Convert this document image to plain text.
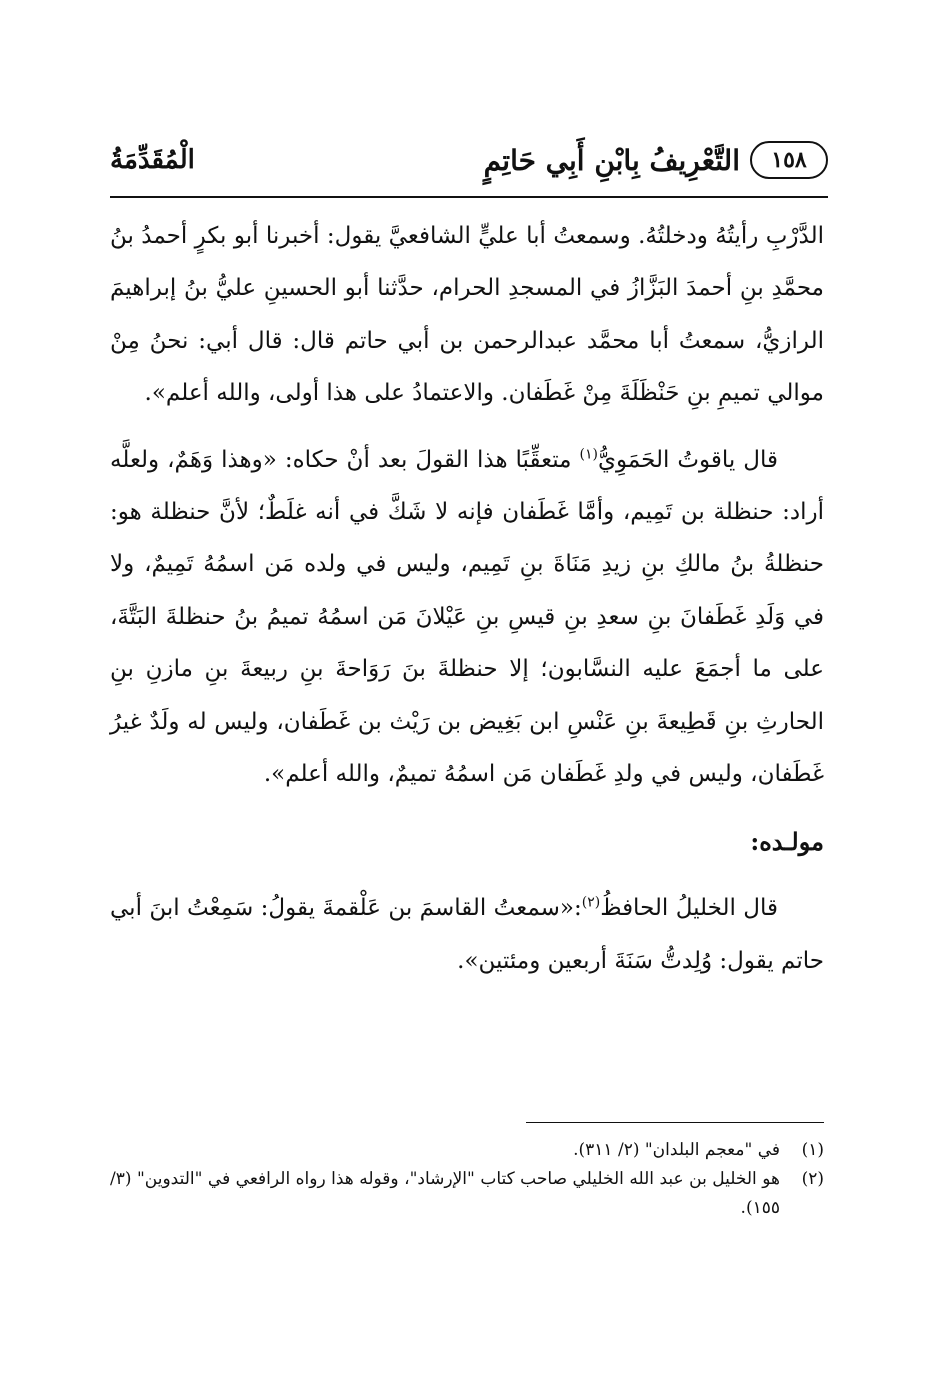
١٥٨
التَّعْرِيفُ بِابْنِ أَبِي حَاتِمٍ
الْمُقَدِّمَةُ

الدَّرْبِ رأيتُهُ ودخلتُهُ. وسمعتُ أبا عليٍّ الشافعيَّ يقول: أخبرنا أبو بكرٍ أحمدُ بنُ محمَّدِ بنِ أحمدَ البَزَّازُ في المسجدِ الحرام، حدَّثنا أبو الحسينِ عليُّ بنُ إبراهيمَ الرازيُّ، سمعتُ أبا محمَّد عبدالرحمن بن أبي حاتم قال: قال أبي: نحنُ مِنْ موالي تميمِ بنِ حَنْظَلَةَ مِنْ غَطَفان. والاعتمادُ على هذا أولى، والله أعلم».

قال ياقوتُ الحَمَوِيُّ$^{(١)}$ متعقِّبًا هذا القولَ بعد أنْ حكاه: «وهذا وَهَمٌ، ولعلَّه أراد: حنظلة بن تَمِيم، وأمَّا غَطَفان فإنه لا شَكَّ في أنه غلَطٌ؛ لأنَّ حنظلة هو: حنظلةُ بنُ مالكِ بنِ زيدِ مَنَاةَ بنِ تَمِيم، وليس في ولده مَن اسمُهُ تَمِيمٌ، ولا في وَلَدِ غَطَفانَ بنِ سعدِ بنِ قيسِ بنِ عَيْلانَ مَن اسمُهُ تميمُ بنُ حنظلةَ البَتَّةَ، على ما أجمَعَ عليه النسَّابون؛ إلا حنظلةَ بنَ رَوَاحةَ بنِ ربيعةَ بنِ مازنِ بنِ الحارثِ بنِ قَطِيعةَ بنِ عَنْسِ ابن بَغِيض بن رَيْث بن غَطَفان، وليس له ولَدٌ غيرُ غَطَفان، وليس في ولدِ غَطَفان مَن اسمُهُ تميمٌ، والله أعلم».

مولـده:

قال الخليلُ الحافظُ$^{(٢)}$:«سمعتُ القاسمَ بن عَلْقمةَ يقولُ: سَمِعْتُ ابنَ أبي حاتم يقول: وُلِدتُّ سَنَةَ أربعين ومئتين».

(١)
في "معجم البلدان" (٢/ ٣١١).
(٢)
هو الخليل بن عبد الله الخليلي صاحب كتاب "الإرشاد"، وقوله هذا رواه الرافعي في "التدوين" (٣/ ١٥٥).
